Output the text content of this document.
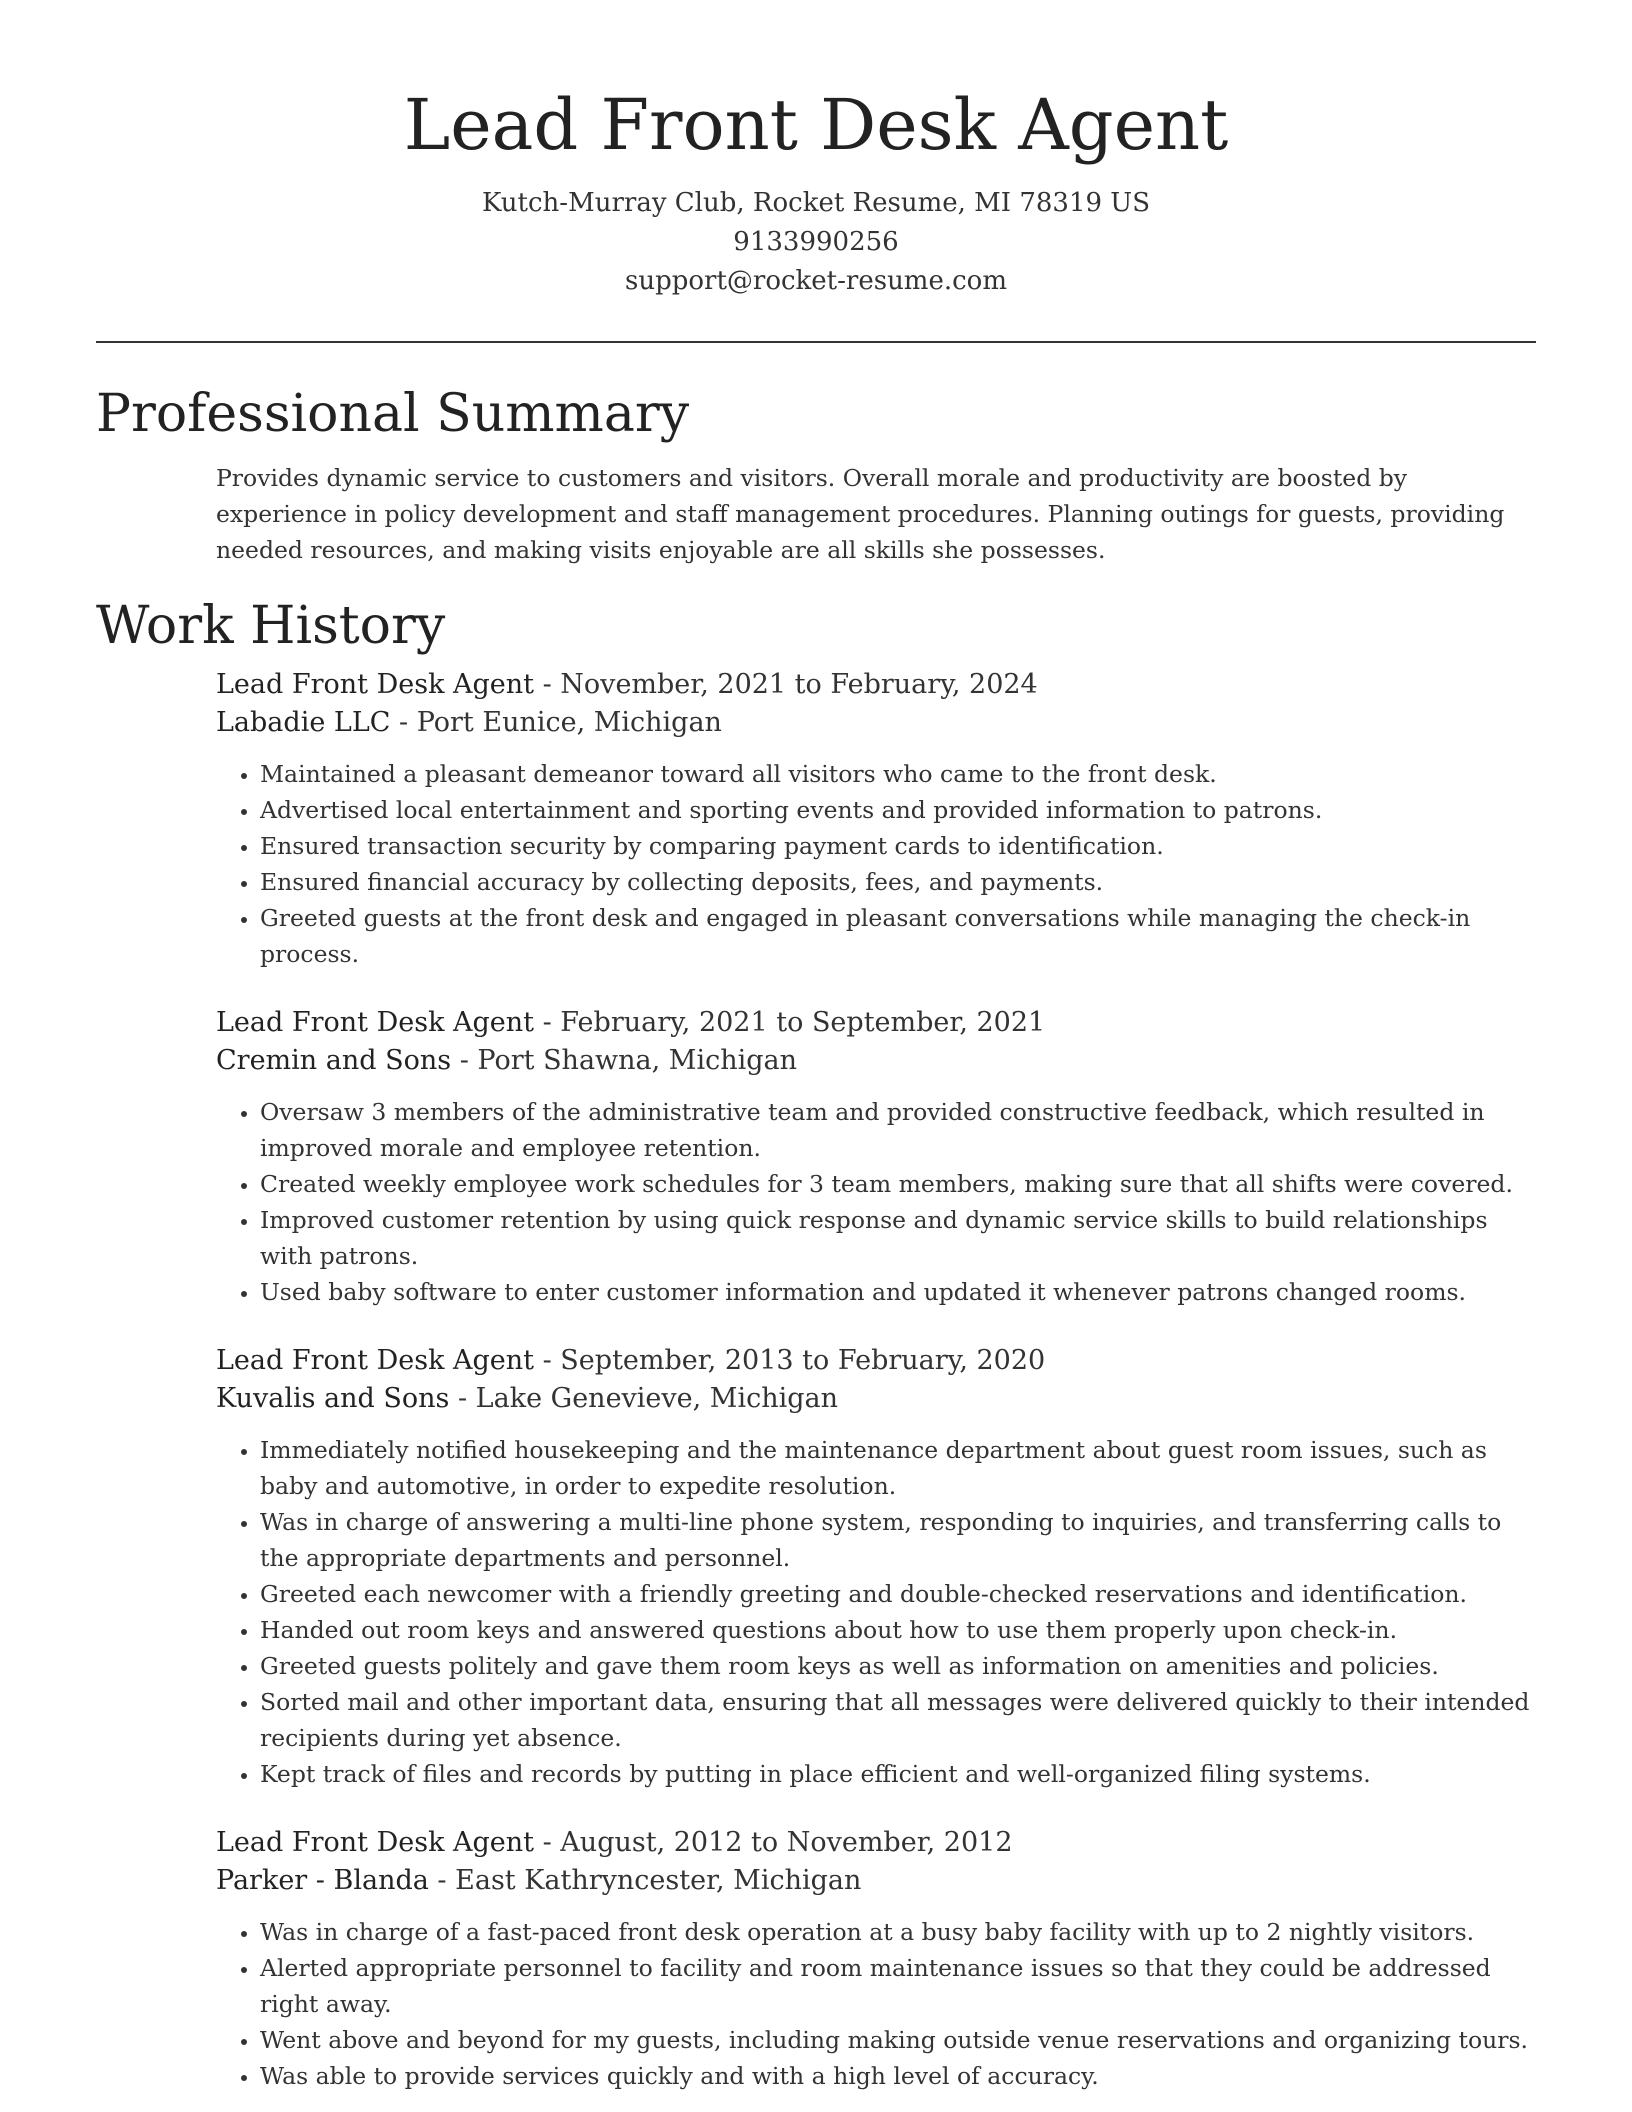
Lead Front Desk Agent
Kutch-Murray Club, Rocket Resume, MI 78319 US
9133990256
support@rocket-resume.com
Professional Summary

Provides dynamic service to customers and visitors. Overall morale and productivity are boosted by experience in policy development and staff management procedures. Planning outings for guests, providing needed resources, and making visits enjoyable are all skills she possesses.

Work History
Lead Front Desk Agent - November, 2021 to February, 2024
Labadie LLC - Port Eunice, Michigan
• Maintained a pleasant demeanor toward all visitors who came to the front desk.
• Advertised local entertainment and sporting events and provided information to patrons.
• Ensured transaction security by comparing payment cards to identification.
• Ensured financial accuracy by collecting deposits, fees, and payments.
• Greeted guests at the front desk and engaged in pleasant conversations while managing the check-in process.
Lead Front Desk Agent - February, 2021 to September, 2021
Cremin and Sons - Port Shawna, Michigan
• Oversaw 3 members of the administrative team and provided constructive feedback, which resulted in improved morale and employee retention.
• Created weekly employee work schedules for 3 team members, making sure that all shifts were covered.
• Improved customer retention by using quick response and dynamic service skills to build relationships with patrons.
• Used baby software to enter customer information and updated it whenever patrons changed rooms.
Lead Front Desk Agent - September, 2013 to February, 2020
Kuvalis and Sons - Lake Genevieve, Michigan
• Immediately notified housekeeping and the maintenance department about guest room issues, such as baby and automotive, in order to expedite resolution.
• Was in charge of answering a multi-line phone system, responding to inquiries, and transferring calls to the appropriate departments and personnel.
• Greeted each newcomer with a friendly greeting and double-checked reservations and identification.
• Handed out room keys and answered questions about how to use them properly upon check-in.
• Greeted guests politely and gave them room keys as well as information on amenities and policies.
• Sorted mail and other important data, ensuring that all messages were delivered quickly to their intended recipients during yet absence.
• Kept track of files and records by putting in place efficient and well-organized filing systems.
Lead Front Desk Agent - August, 2012 to November, 2012
Parker - Blanda - East Kathryncester, Michigan
• Was in charge of a fast-paced front desk operation at a busy baby facility with up to 2 nightly visitors.
• Alerted appropriate personnel to facility and room maintenance issues so that they could be addressed right away.
• Went above and beyond for my guests, including making outside venue reservations and organizing tours.
• Was able to provide services quickly and with a high level of accuracy.
